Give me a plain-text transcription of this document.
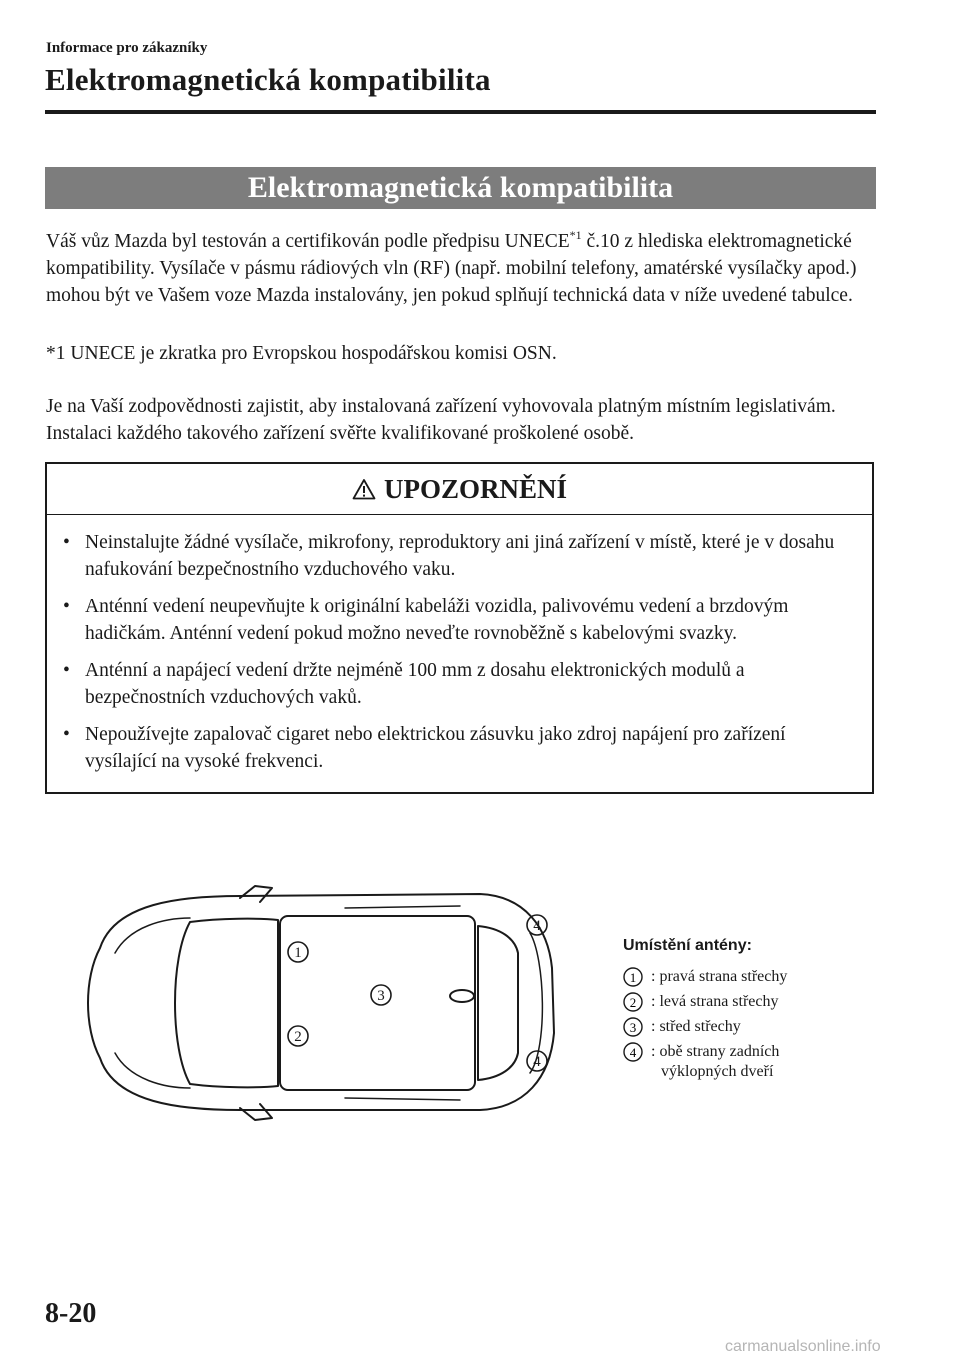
Informace pro zákazníky
Elektromagnetická kompatibilita
Elektromagnetická kompatibilita

Váš vůz Mazda byl testován a certifikován podle předpisu UNECE$^{*1}$ č.10 z hlediska elektromagnetické kompatibility. Vysílače v pásmu rádiových vln (RF) (např. mobilní telefony, amatérské vysílačky apod.) mohou být ve Vašem voze Mazda instalovány, jen pokud splňují technická data v níže uvedené tabulce.

*1 UNECE je zkratka pro Evropskou hospodářskou komisi OSN.

Je na Vaší zodpovědnosti zajistit, aby instalovaná zařízení vyhovovala platným místním legislativám. Instalaci každého takového zařízení svěřte kvalifikované proškolené osobě.

UPOZORNĚNÍ
• Neinstalujte žádné vysílače, mikrofony, reproduktory ani jiná zařízení v místě, které je v dosahu nafukování bezpečnostního vzduchového vaku.
• Anténní vedení neupevňujte k originální kabeláži vozidla, palivovému vedení a brzdovým hadičkám. Anténní vedení pokud možno neveďte rovnoběžně s kabelovými svazky.
• Anténní a napájecí vedení držte nejméně 100 mm z dosahu elektronických modulů a bezpečnostních vzduchových vaků.
• Nepoužívejte zapalovač cigaret nebo elektrickou zásuvku jako zdroj napájení pro zařízení vysílající na vysoké frekvenci.
1
2
3
4
4
Umístění antény:
1 : pravá strana střechy
2 : levá strana střechy
3 : střed střechy
4 : obě strany zadních
výklopných dveří
8-20
carmanualsonline.info
